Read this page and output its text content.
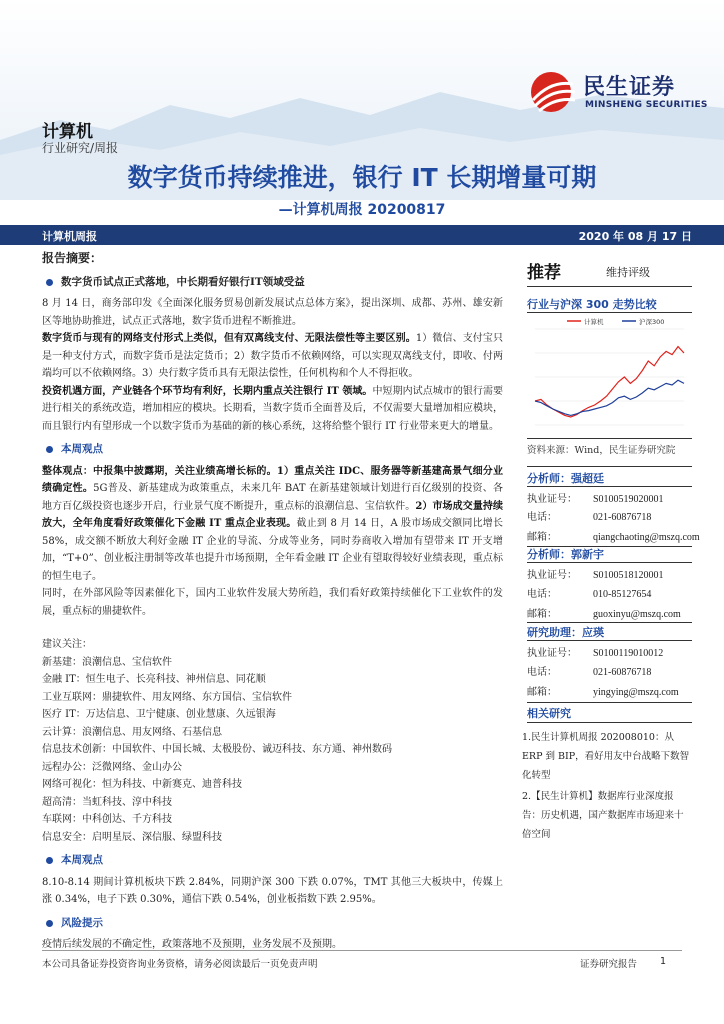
民生证券
MINSHENG SECURITIES
计算机
行业研究/周报
数字货币持续推进，银行 IT 长期增量可期
—计算机周报 20200817
计算机周报	2020 年 08 月 17 日
报告摘要：
数字货币试点正式落地，中长期看好银行IT领域受益

8 月 14 日，商务部印发《全面深化服务贸易创新发展试点总体方案》，提出深圳、成都、苏州、雄安新区等地协助推进，试点正式落地，数字货币进程不断推进。

数字货币与现有的网络支付形式上类似，但有双离线支付、无限法偿性等主要区别。1）微信、支付宝只是一种支付方式，而数字货币是法定货币；2）数字货币不依赖网络，可以实现双离线支付，即收、付两端均可以不依赖网络。3）央行数字货币具有无限法偿性，任何机构和个人不得拒收。

投资机遇方面，产业链各个环节均有利好，长期内重点关注银行 IT 领域。中短期内试点城市的银行需要进行相关的系统改造，增加相应的模块。长期看，当数字货币全面普及后，不仅需要大量增加相应模块，而且银行内有望形成一个以数字货币为基础的新的核心系统，这将给整个银行 IT 行业带来更大的增量。

本周观点

整体观点：中报集中披露期，关注业绩高增长标的。1）重点关注 IDC、服务器等新基建高景气细分业绩确定性。5G普及、新基建成为政策重点，未来几年 BAT 在新基建领域计划进行百亿级别的投资、各地方百亿级投资也逐步开启，行业景气度不断提升，重点标的浪潮信息、宝信软件。2）市场成交量持续放大，全年角度看好政策催化下金融 IT 重点企业表现。截止到 8 月 14 日，A 股市场成交额同比增长 58%，成交额不断放大利好金融 IT 企业的导流、分成等业务，同时券商收入增加有望带来 IT 开支增加，“T+0”、创业板注册制等改革也提升市场预期，全年看金融 IT 企业有望取得较好业绩表现，重点标的恒生电子。

同时，在外部风险等因素催化下，国内工业软件发展大势所趋，我们看好政策持续催化下工业软件的发展，重点标的鼎捷软件。

建议关注：

新基建：浪潮信息、宝信软件

金融 IT：恒生电子、长亮科技、神州信息、同花顺

工业互联网：鼎捷软件、用友网络、东方国信、宝信软件

医疗 IT：万达信息、卫宁健康、创业慧康、久远银海

云计算：浪潮信息、用友网络、石基信息

信息技术创新：中国软件、中国长城、太极股份、诚迈科技、东方通、神州数码

远程办公：泛微网络、金山办公

网络可视化：恒为科技、中新赛克、迪普科技

超高清：当虹科技、淳中科技

车联网：中科创达、千方科技

信息安全：启明星辰、深信服、绿盟科技

本周观点

8.10-8.14 期间计算机板块下跌 2.84%，同期沪深 300 下跌 0.07%，TMT 其他三大板块中，传媒上涨 0.34%，电子下跌 0.30%，通信下跌 0.54%，创业板指数下跌 2.95%。

风险提示

疫情后续发展的不确定性，政策落地不及预期，业务发展不及预期。

推荐	维持评级
行业与沪深 300 走势比较
计算机	沪深300
资料来源：Wind，民生证券研究院
分析师：强超廷
执业证号： S0100519020001
电话：	021-60876718
邮箱：	qiangchaoting@mszq.com
分析师：郭新宇
执业证号： S0100518120001
电话：	010-85127654
邮箱：	guoxinyu@mszq.com
研究助理：应瑛
执业证号： S0100119010012
电话：	021-60876718
邮箱：	yingying@mszq.com
相关研究

1.民生计算机周报 202008010：从 ERP 到 BIP，看好用友中台战略下数智化转型

2.【民生计算机】数据库行业深度报告：历史机遇，国产数据库市场迎来十倍空间

本公司具备证券投资咨询业务资格，请务必阅读最后一页免责声明	证券研究报告 1
